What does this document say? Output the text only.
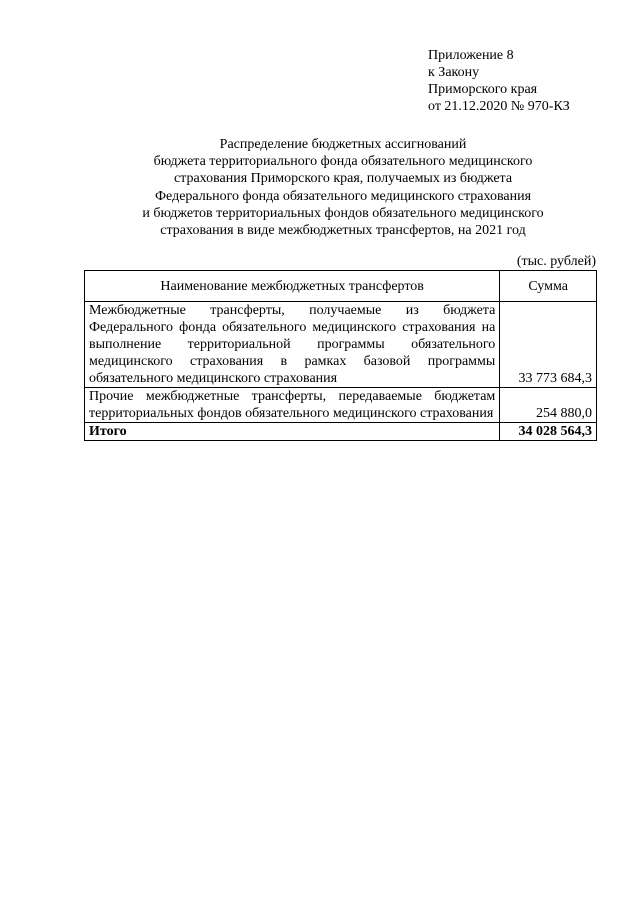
Приложение 8
к Закону
Приморского края
от 21.12.2020 № 970-КЗ
Распределение бюджетных ассигнований
бюджета территориального фонда обязательного медицинского
страхования Приморского края, получаемых из бюджета
Федерального фонда обязательного медицинского страхования
и бюджетов территориальных фондов обязательного медицинского
страхования в виде межбюджетных трансфертов, на 2021 год
(тыс. рублей)
Наименование межбюджетных трансфертов	Сумма
Межбюджетные трансферты, получаемые из бюджета Федерального фонда обязательного медицинского страхования на выполнение территориальной программы обязательного медицинского страхования в рамках базовой программы обязательного медицинского страхования	33 773 684,3
Прочие межбюджетные трансферты, передаваемые бюджетам территориальных фондов обязательного медицинского страхования	254 880,0
Итого	34 028 564,3
